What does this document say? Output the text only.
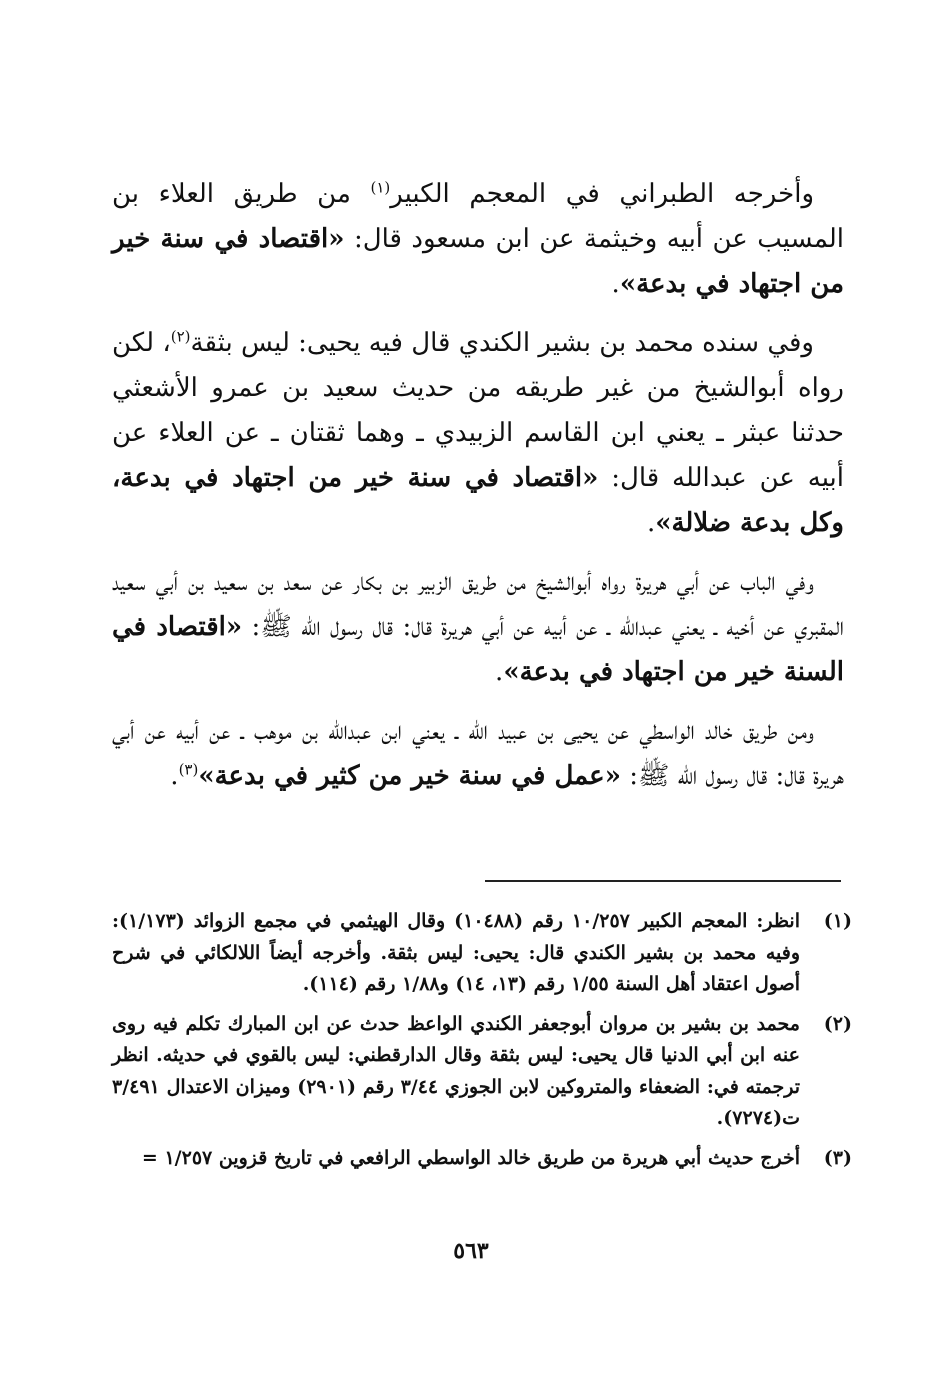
وأخرجه الطبراني في المعجم الكبير$^{(١)}$ من طريق العلاء بن المسيب عن أبيه وخيثمة عن ابن مسعود قال: «اقتصاد في سنة خير من اجتهاد في بدعة».

وفي سنده محمد بن بشير الكندي قال فيه يحيى: ليس بثقة$^{(٢)}$، لكن رواه أبوالشيخ من غير طريقه من حديث سعيد بن عمرو الأشعثي حدثنا عبثر ـ يعني ابن القاسم الزبيدي ـ وهما ثقتان ـ عن العلاء عن أبيه عن عبدالله قال: «اقتصاد في سنة خير من اجتهاد في بدعة، وكل بدعة ضلالة».

وفي الباب عن أبي هريرة رواه أبوالشيخ من طريق الزبير بن بكار عن سعد بن سعيد بن أبي سعيد المقبري عن أخيه ـ يعني عبدالله ـ عن أبيه عن أبي هريرة قال: قال رسول الله ﷺ: «اقتصاد في السنة خير من اجتهاد في بدعة».

ومن طريق خالد الواسطي عن يحيى بن عبيد الله ـ يعني ابن عبدالله بن موهب ـ عن أبيه عن أبي هريرة قال: قال رسول الله ﷺ: «عمل في سنة خير من كثير في بدعة»$^{(٣)}$.

(١)
انظر: المعجم الكبير ١٠/٢٥٧ رقم (١٠٤٨٨) وقال الهيثمي في مجمع الزوائد (١/١٧٣): وفيه محمد بن بشير الكندي قال: يحيى: ليس بثقة. وأخرجه أيضاً اللالكائي في شرح أصول اعتقاد أهل السنة ١/٥٥ رقم (١٣، ١٤) و١/٨٨ رقم (١١٤).
(٢)
محمد بن بشير بن مروان أبوجعفر الكندي الواعظ حدث عن ابن المبارك تكلم فيه روى عنه ابن أبي الدنيا قال يحيى: ليس بثقة وقال الدارقطني: ليس بالقوي في حديثه. انظر ترجمته في: الضعفاء والمتروكين لابن الجوزي ٣/٤٤ رقم (٢٩٠١) وميزان الاعتدال ٣/٤٩١ ت(٧٢٧٤).
(٣)
أخرج حديث أبي هريرة من طريق خالد الواسطي الرافعي في تاريخ قزوين ١/٢٥٧ =
٥٦٣
